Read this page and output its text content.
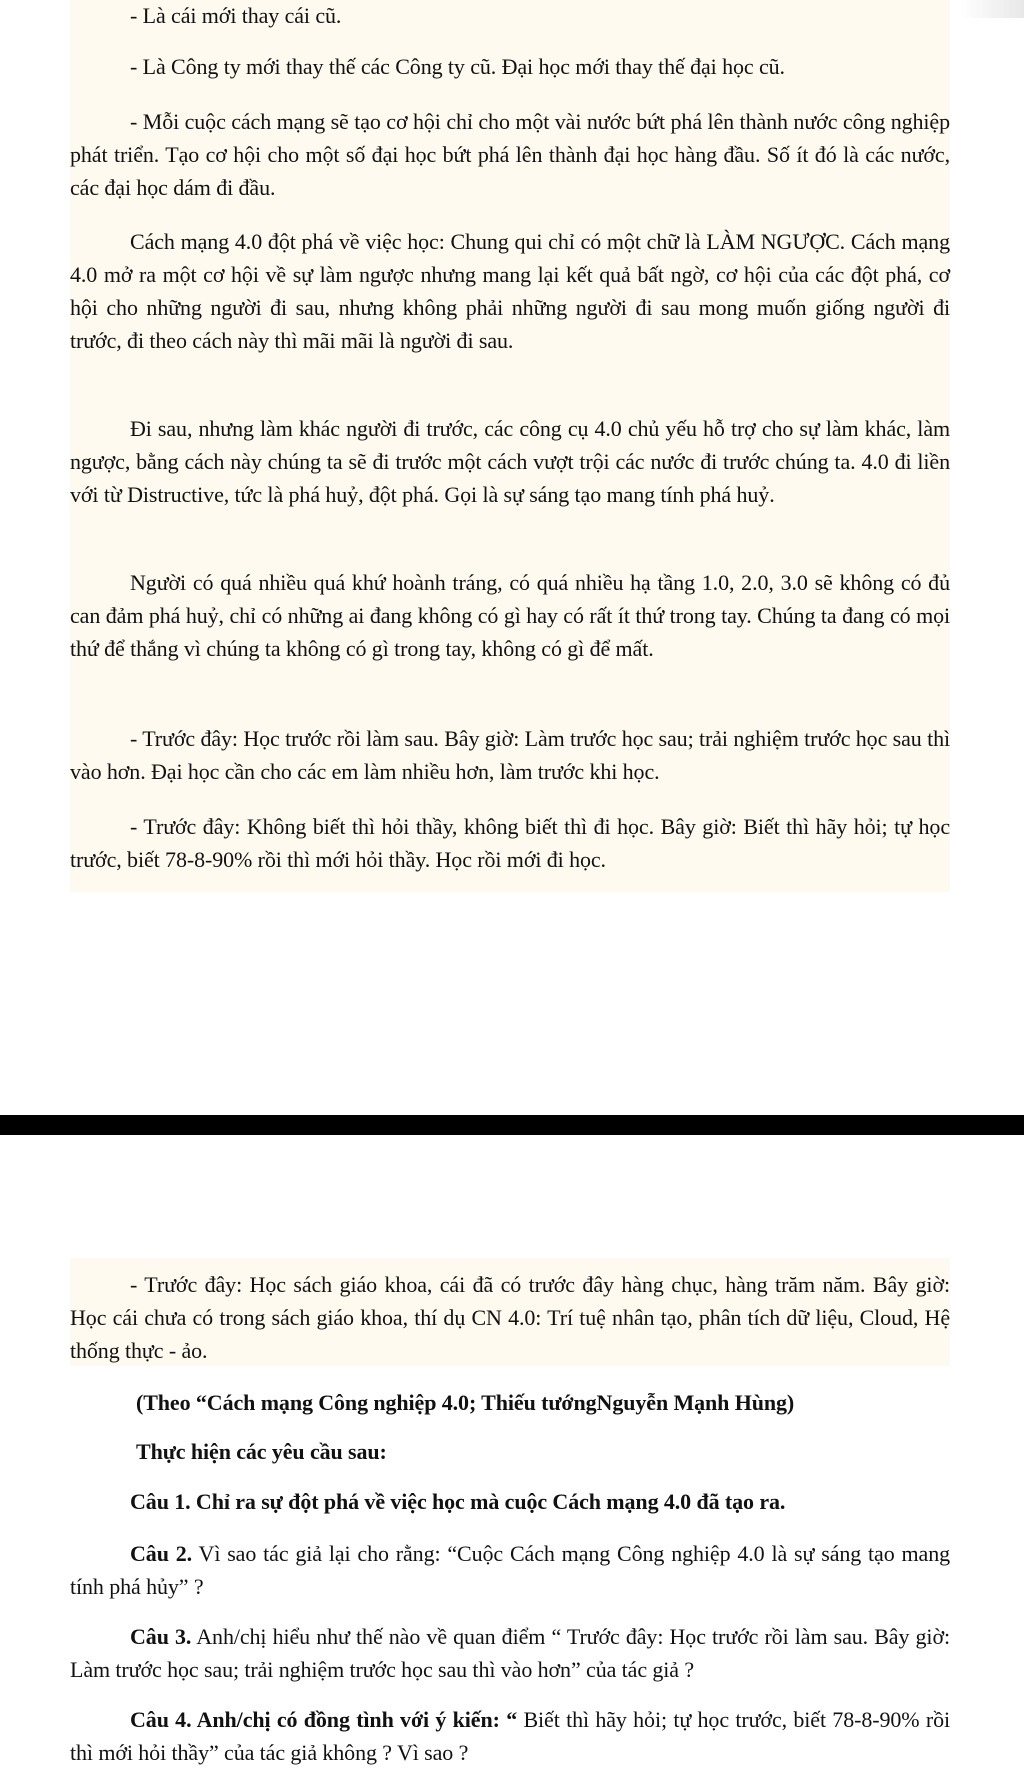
- Là cái mới thay cái cũ.

- Là Công ty mới thay thế các Công ty cũ. Đại học mới thay thế đại học cũ.

- Mỗi cuộc cách mạng sẽ tạo cơ hội chỉ cho một vài nước bứt phá lên thành nước công nghiệp phát triển. Tạo cơ hội cho một số đại học bứt phá lên thành đại học hàng đầu. Số ít đó là các nước, các đại học dám đi đầu.

Cách mạng 4.0 đột phá về việc học: Chung qui chỉ có một chữ là LÀM NGƯỢC. Cách mạng 4.0 mở ra một cơ hội về sự làm ngược nhưng mang lại kết quả bất ngờ, cơ hội của các đột phá, cơ hội cho những người đi sau, nhưng không phải những người đi sau mong muốn giống người đi trước, đi theo cách này thì mãi mãi là người đi sau.

Đi sau, nhưng làm khác người đi trước, các công cụ 4.0 chủ yếu hỗ trợ cho sự làm khác, làm ngược, bằng cách này chúng ta sẽ đi trước một cách vượt trội các nước đi trước chúng ta. 4.0 đi liền với từ Distructive, tức là phá huỷ, đột phá. Gọi là sự sáng tạo mang tính phá huỷ.

Người có quá nhiều quá khứ hoành tráng, có quá nhiều hạ tầng 1.0, 2.0, 3.0 sẽ không có đủ can đảm phá huỷ, chỉ có những ai đang không có gì hay có rất ít thứ trong tay. Chúng ta đang có mọi thứ để thắng vì chúng ta không có gì trong tay, không có gì để mất.

- Trước đây: Học trước rồi làm sau. Bây giờ: Làm trước học sau; trải nghiệm trước học sau thì vào hơn. Đại học cần cho các em làm nhiều hơn, làm trước khi học.

- Trước đây: Không biết thì hỏi thầy, không biết thì đi học. Bây giờ: Biết thì hãy hỏi; tự học trước, biết 78-8-90% rồi thì mới hỏi thầy. Học rồi mới đi học.

- Trước đây: Học sách giáo khoa, cái đã có trước đây hàng chục, hàng trăm năm. Bây giờ: Học cái chưa có trong sách giáo khoa, thí dụ CN 4.0: Trí tuệ nhân tạo, phân tích dữ liệu, Cloud, Hệ thống thực - ảo.

(Theo “Cách mạng Công nghiệp 4.0; Thiếu tướngNguyễn Mạnh Hùng)

Thực hiện các yêu cầu sau:

Câu 1. Chỉ ra sự đột phá về việc học mà cuộc Cách mạng 4.0 đã tạo ra.

Câu 2. Vì sao tác giả lại cho rằng: “Cuộc Cách mạng Công nghiệp 4.0 là sự sáng tạo mang tính phá hủy” ?

Câu 3. Anh/chị hiểu như thế nào về quan điểm “ Trước đây: Học trước rồi làm sau. Bây giờ: Làm trước học sau; trải nghiệm trước học sau thì vào hơn” của tác giả ?

Câu 4. Anh/chị có đồng tình với ý kiến: “ Biết thì hãy hỏi; tự học trước, biết 78-8-90% rồi thì mới hỏi thầy” của tác giả không ? Vì sao ?
